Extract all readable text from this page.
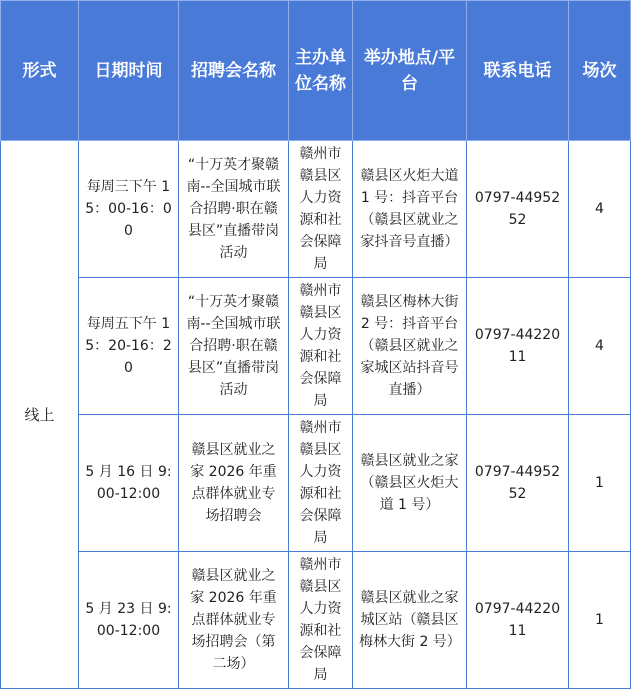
形式	日期时间	招聘会名称	主办单位名称	举办地点/平台	联系电话	场次
线上	每周三下午 15：00-16：00	“十万英才聚赣南--全国城市联合招聘·职在赣县区”直播带岗活动	赣州市赣县区人力资源和社会保障局	赣县区火炬大道 1 号：抖音平台（赣县区就业之家抖音号直播）	0797-4495252	4
	每周五下午 15：20-16：20	“十万英才聚赣南--全国城市联合招聘·职在赣县区”直播带岗活动	赣州市赣县区人力资源和社会保障局	赣县区梅林大街 2 号：抖音平台（赣县区就业之家城区站抖音号直播）	0797-4422011	4
	5 月 16 日 9:00-12:00	赣县区就业之家 2026 年重点群体就业专场招聘会	赣州市赣县区人力资源和社会保障局	赣县区就业之家（赣县区火炬大道 1 号）	0797-4495252	1
	5 月 23 日 9:00-12:00	赣县区就业之家 2026 年重点群体就业专场招聘会（第二场）	赣州市赣县区人力资源和社会保障局	赣县区就业之家城区站（赣县区梅林大街 2 号）	0797-4422011	1
